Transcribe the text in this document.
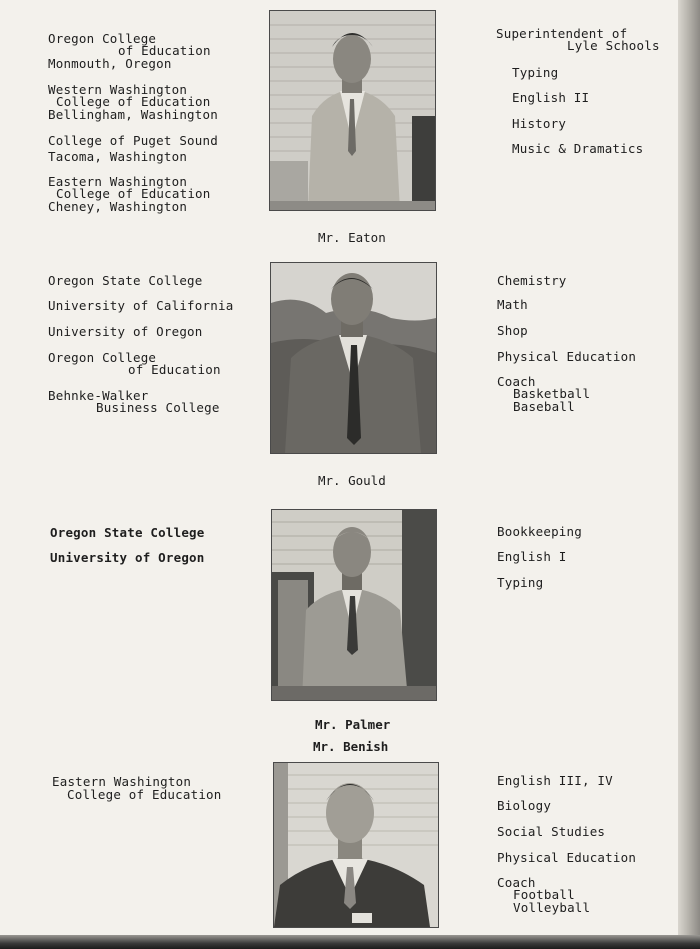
Oregon College
of Education
Monmouth, Oregon
Western Washington
College of Education
Bellingham, Washington
College of Puget Sound
Tacoma, Washington
Eastern Washington
College of Education
Cheney, Washington
Superintendent of
Lyle Schools
Typing
English II
History
Music & Dramatics
Mr. Eaton
Oregon State College
University of California
University of Oregon
Oregon College
of Education
Behnke-Walker
Business College
Chemistry
Math
Shop
Physical Education
Coach
Basketball
Baseball
Mr. Gould
Oregon State College
University of Oregon
Bookkeeping
English I
Typing
Mr. Palmer
Mr. Benish
Eastern Washington
College of Education
English III, IV
Biology
Social Studies
Physical Education
Coach
Football
Volleyball
